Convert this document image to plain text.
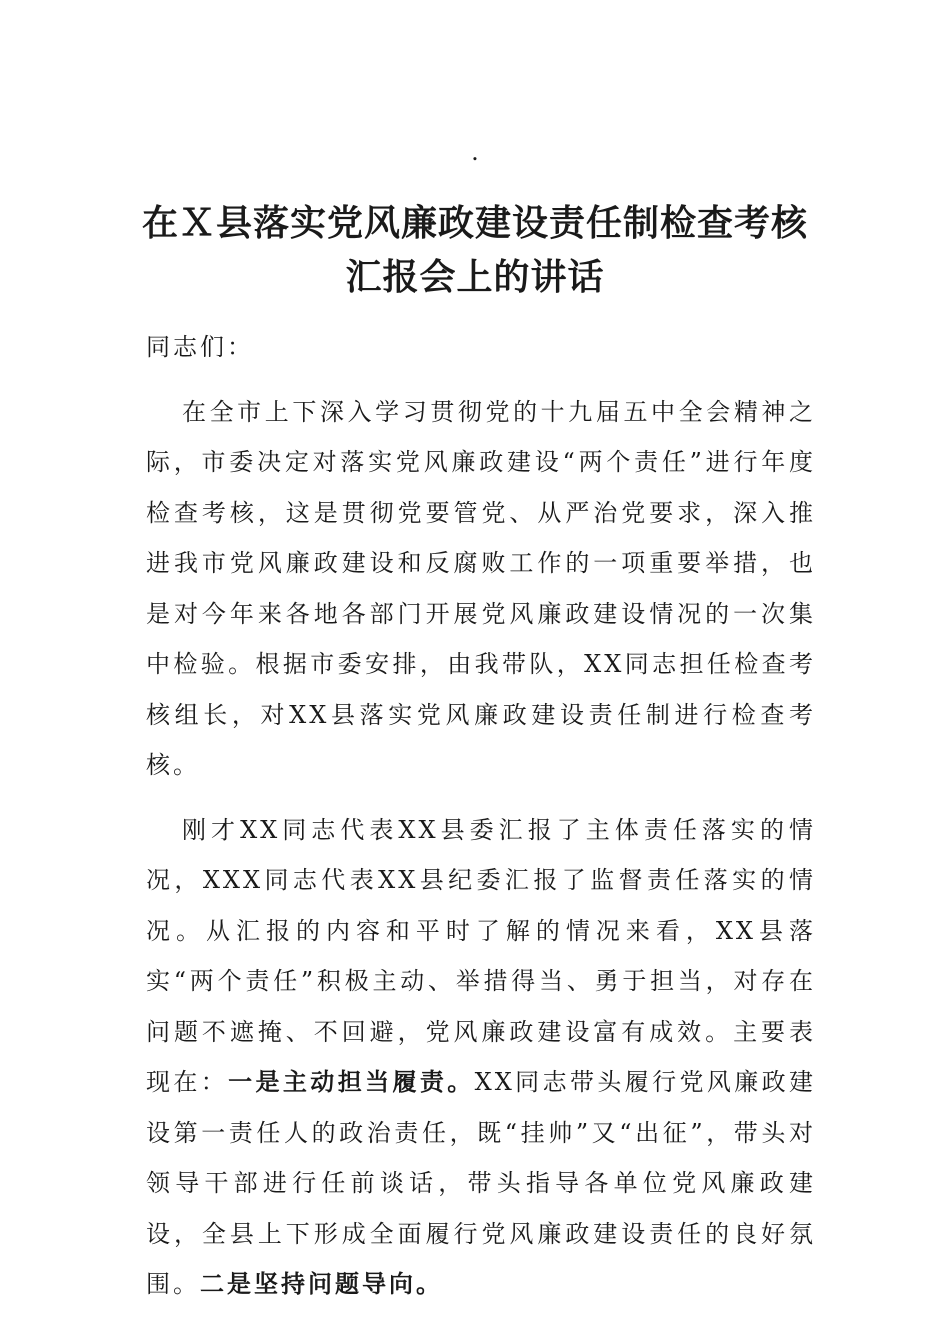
.
在Ｘ县落实党风廉政建设责任制检查考核
汇报会上的讲话

同志们：

在全市上下深入学习贯彻党的十九届五中全会精神之际，市委决定对落实党风廉政建设“两个责任”进行年度检查考核，这是贯彻党要管党、从严治党要求，深入推进我市党风廉政建设和反腐败工作的一项重要举措，也是对今年来各地各部门开展党风廉政建设情况的一次集中检验。根据市委安排，由我带队，XX同志担任检查考核组长，对XX县落实党风廉政建设责任制进行检查考核。

刚才XX同志代表XX县委汇报了主体责任落实的情况，XXX同志代表XX县纪委汇报了监督责任落实的情况。从汇报的内容和平时了解的情况来看，XX县落实“两个责任”积极主动、举措得当、勇于担当，对存在问题不遮掩、不回避，党风廉政建设富有成效。主要表现在：一是主动担当履责。XX同志带头履行党风廉政建设第一责任人的政治责任，既“挂帅”又“出征”，带头对领导干部进行任前谈话，带头指导各单位党风廉政建设，全县上下形成全面履行党风廉政建设责任的良好氛围。二是坚持问题导向。
